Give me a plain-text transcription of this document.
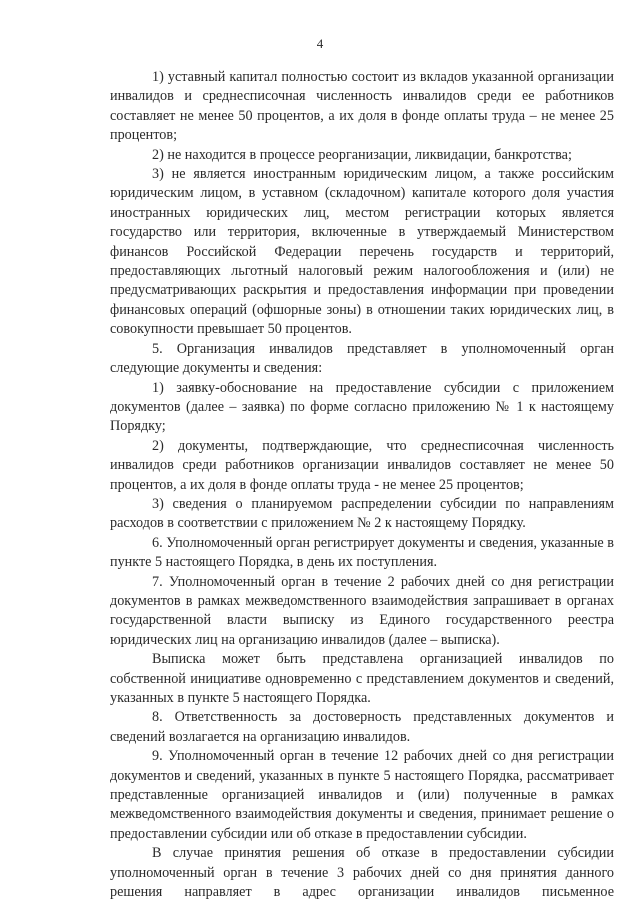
4

1) уставный капитал полностью состоит из вкладов указанной организации инвалидов и среднесписочная численность инвалидов среди ее работников составляет не менее 50 процентов, а их доля в фонде оплаты труда – не менее 25 процентов;

2) не находится в процессе реорганизации, ликвидации, банкротства;

3) не является иностранным юридическим лицом, а также российским юридическим лицом, в уставном (складочном) капитале которого доля участия иностранных юридических лиц, местом регистрации которых является государство или территория, включенные в утверждаемый Министерством финансов Российской Федерации перечень государств и территорий, предоставляющих льготный налоговый режим налогообложения и (или) не предусматривающих раскрытия и предоставления информации при проведении финансовых операций (офшорные зоны) в отношении таких юридических лиц, в совокупности превышает 50 процентов.

5. Организация инвалидов представляет в уполномоченный орган следующие документы и сведения:

1) заявку-обоснование на предоставление субсидии с приложением документов (далее – заявка) по форме согласно приложению № 1 к настоящему Порядку;

2) документы, подтверждающие, что среднесписочная численность инвалидов среди работников организации инвалидов составляет не менее 50 процентов, а их доля в фонде оплаты труда - не менее 25 процентов;

3) сведения о планируемом распределении субсидии по направлениям расходов в соответствии с приложением № 2 к настоящему Порядку.

6. Уполномоченный орган регистрирует документы и сведения, указанные в пункте 5 настоящего Порядка, в день их поступления.

7. Уполномоченный орган в течение 2 рабочих дней со дня регистрации документов в рамках межведомственного взаимодействия запрашивает в органах государственной власти выписку из Единого государственного реестра юридических лиц на организацию инвалидов (далее – выписка).

Выписка может быть представлена организацией инвалидов по собственной инициативе одновременно с представлением документов и сведений, указанных в пункте 5 настоящего Порядка.

8. Ответственность за достоверность представленных документов и сведений возлагается на организацию инвалидов.

9. Уполномоченный орган в течение 12 рабочих дней со дня регистрации документов и сведений, указанных в пункте 5 настоящего Порядка, рассматривает представленные организацией инвалидов и (или) полученные в рамках межведомственного взаимодействия документы и сведения, принимает решение о предоставлении субсидии или об отказе в предоставлении субсидии.

В случае принятия решения об отказе в предоставлении субсидии уполномоченный орган в течение 3 рабочих дней со дня принятия данного решения направляет в адрес организации инвалидов письменное
